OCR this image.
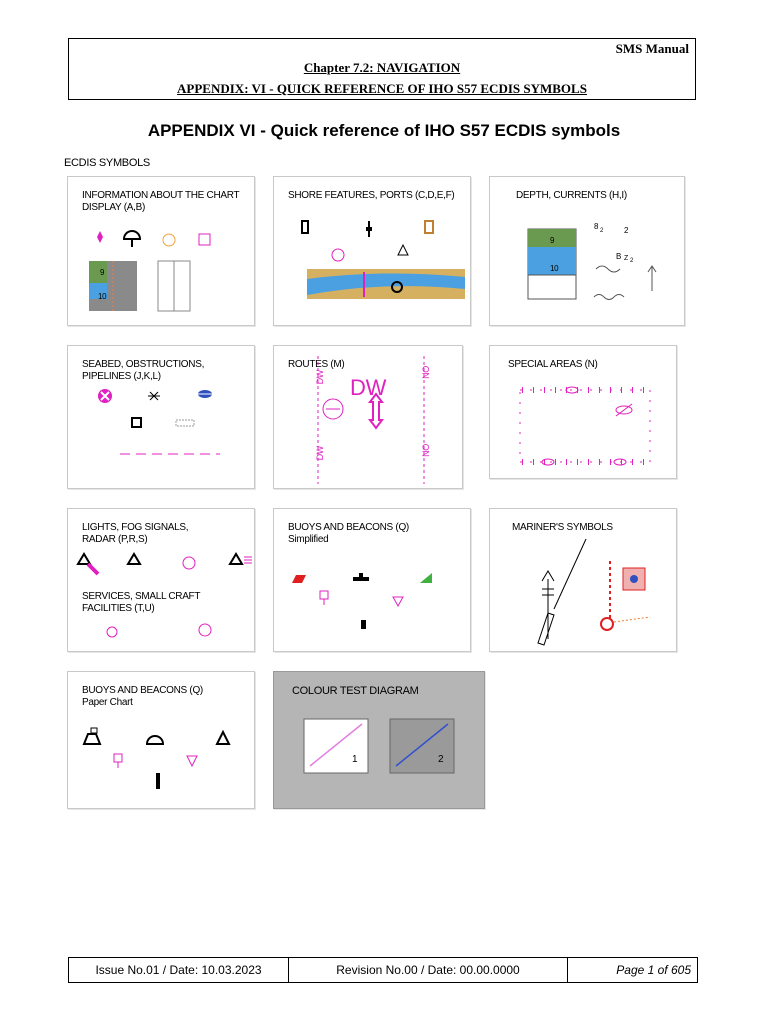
SMS Manual
Chapter 7.2: NAVIGATION
APPENDIX: VI - QUICK REFERENCE OF IHO S57 ECDIS SYMBOLS
APPENDIX VI - Quick reference of IHO S57 ECDIS symbols
ECDIS SYMBOLS
INFORMATION ABOUT THE CHART DISPLAY (A,B)
9
10
SHORE FEATURES, PORTS (C,D,E,F)	DEPTH, CURRENTS (H,I)
9
10
8 2	2
B Z 2
SEABED, OBSTRUCTIONS, PIPELINES (J,K,L)
ROUTES (M)
DW DW
DW
NO
NO
SPECIAL AREAS (N)
LIGHTS, FOG SIGNALS, RADAR (P,R,S)
SERVICES, SMALL CRAFT FACILITIES (T,U)
BUOYS AND BEACONS (Q)
Simplified
MARINER'S SYMBOLS
BUOYS AND BEACONS (Q)
Paper Chart
COLOUR TEST DIAGRAM
1	2
Issue No.01 / Date: 10.03.2023	Revision No.00 / Date: 00.00.0000	Page 1 of 605
